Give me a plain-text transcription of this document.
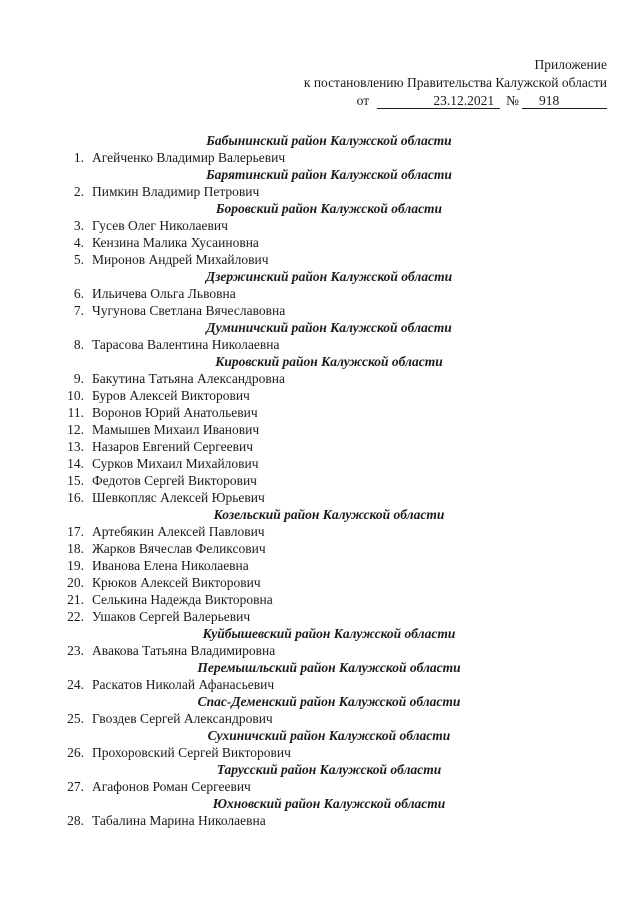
Приложение
к постановлению Правительства Калужской области
от	23.12.2021 №	918
Бабынинский район Калужской области
1. Агейченко Владимир Валерьевич
Барятинский район Калужской области
2. Пимкин Владимир Петрович
Боровский район Калужской области
3. Гусев Олег Николаевич
4. Кензина Малика Хусаиновна
5. Миронов Андрей Михайлович
Дзержинский район Калужской области
6. Ильичева Ольга Львовна
7. Чугунова Светлана Вячеславовна
Думиничский район Калужской области
8. Тарасова Валентина Николаевна
Кировский район Калужской области
9. Бакутина Татьяна Александровна
10. Буров Алексей Викторович
11. Воронов Юрий Анатольевич
12. Мамышев Михаил Иванович
13. Назаров Евгений Сергеевич
14. Сурков Михаил Михайлович
15. Федотов Сергей Викторович
16. Шевкопляс Алексей Юрьевич
Козельский район Калужской области
17. Артебякин Алексей Павлович
18. Жарков Вячеслав Феликсович
19. Иванова Елена Николаевна
20. Крюков Алексей Викторович
21. Селькина Надежда Викторовна
22. Ушаков Сергей Валерьевич
Куйбышевский район Калужской области
23. Авакова Татьяна Владимировна
Перемышльский район Калужской области
24. Раскатов Николай Афанасьевич
Спас-Деменский район Калужской области
25. Гвоздев Сергей Александрович
Сухиничский район Калужской области
26. Прохоровский Сергей Викторович
Тарусский район Калужской области
27. Агафонов Роман Сергеевич
Юхновский район Калужской области
28. Табалина Марина Николаевна
